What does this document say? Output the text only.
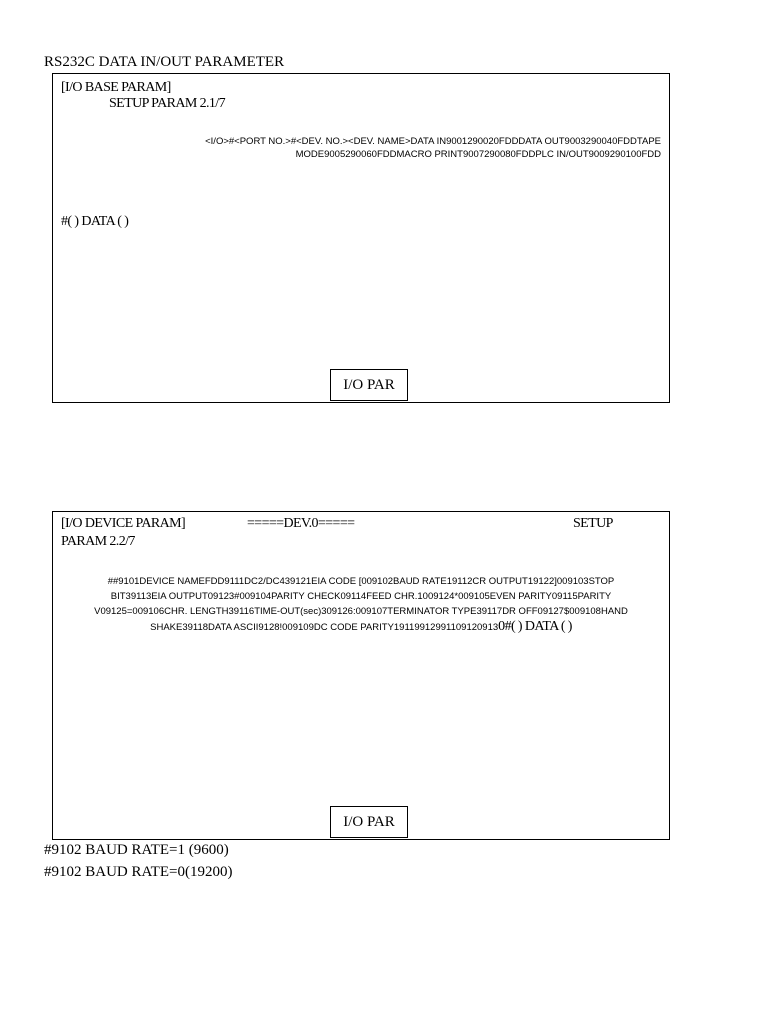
RS232C DATA IN/OUT PARAMETER
[I/O BASE PARAM]
SETUP PARAM 2.1/7
<I/O>#<PORT NO.>#<DEV. NO.><DEV. NAME>DATA IN9001290020FDDDATA OUT9003290040FDDTAPE
MODE9005290060FDDMACRO PRINT9007290080FDDPLC IN/OUT9009290100FDD
#( ) DATA ( )
I/O PAR
[I/O DEVICE PARAM]	=====DEV.0=====	SETUP
PARAM 2.2/7
##9101DEVICE NAMEFDD9111DC2/DC439121EIA CODE [009102BAUD RATE19112CR OUTPUT19122]009103STOP
BIT39113EIA OUTPUT09123#009104PARITY CHECK09114FEED CHR.1009124*009105EVEN PARITY09115PARITY
V09125=009106CHR. LENGTH39116TIME-OUT(sec)309126:009107TERMINATOR TYPE39117DR OFF09127$009108HAND
SHAKE39118DATA ASCII9128!009109DC CODE PARITY191199129911091209130#( ) DATA ( )
I/O PAR
#9102 BAUD RATE=1 (9600)
#9102 BAUD RATE=0(19200)
